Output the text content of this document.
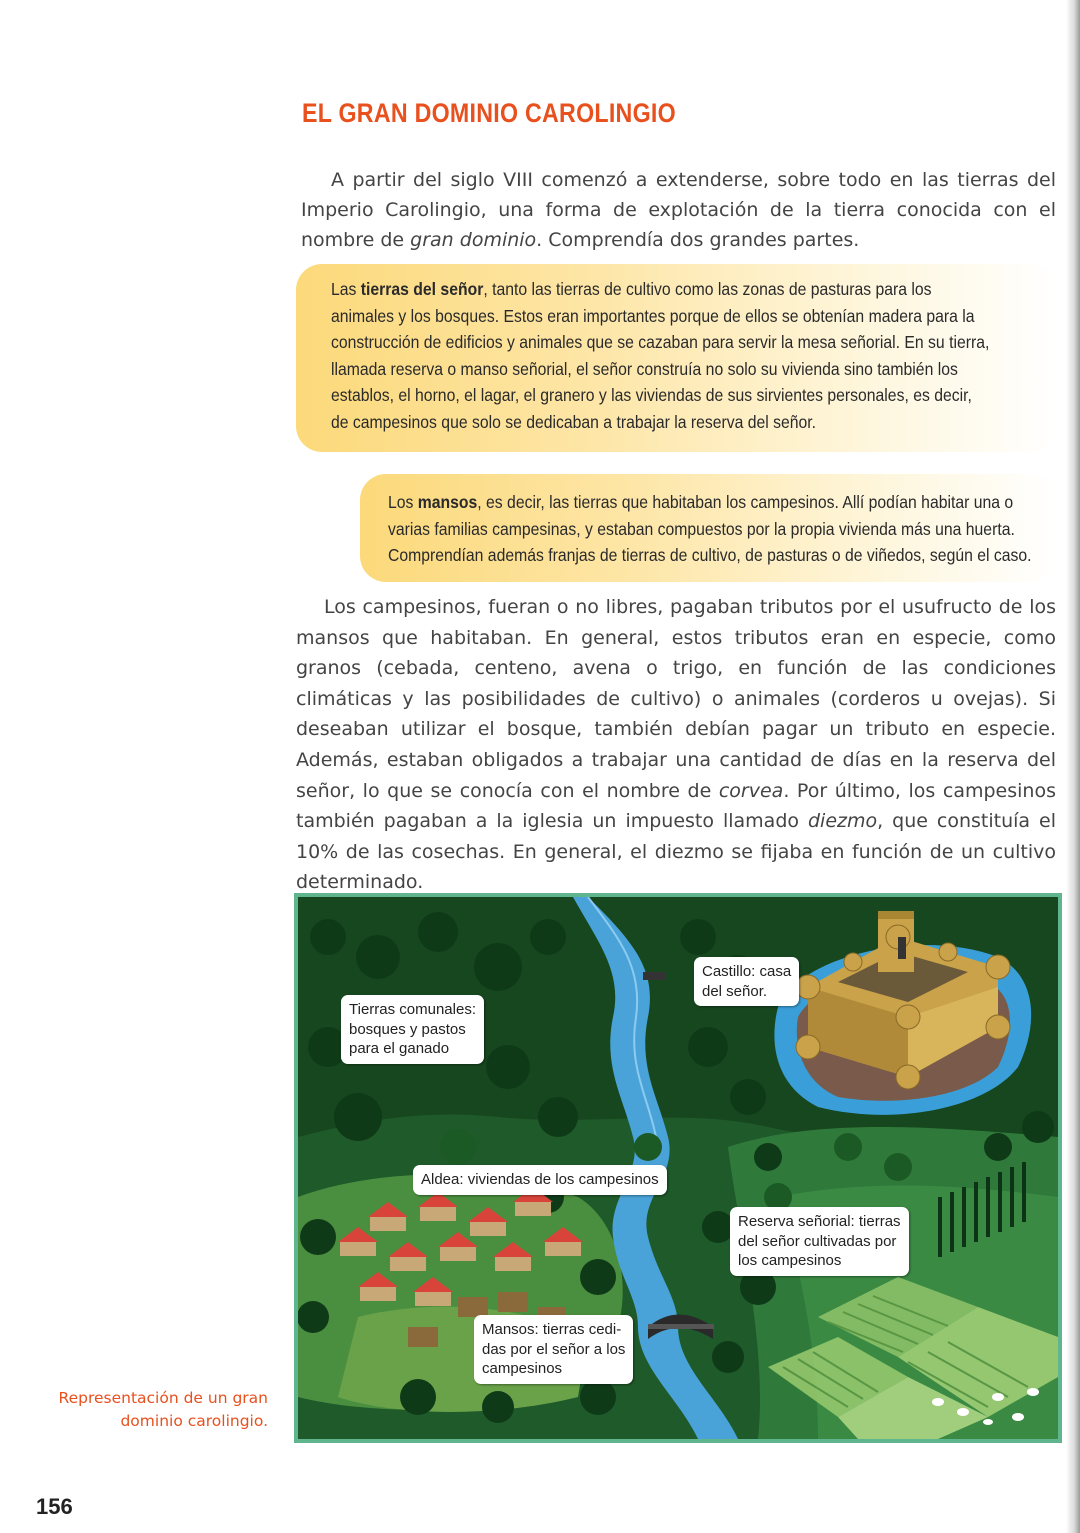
EL GRAN DOMINIO CAROLINGIO

A partir del siglo VIII comenzó a extenderse, sobre todo en las tierras del Imperio Carolingio, una forma de explotación de la tierra conocida con el nombre de gran dominio. Comprendía dos grandes partes.

Las tierras del señor, tanto las tierras de cultivo como las zonas de pasturas para los animales y los bosques. Estos eran importantes porque de ellos se obtenían madera para la construcción de edificios y animales que se cazaban para servir la mesa señorial. En su tierra, llamada reserva o manso señorial, el señor construía no solo su vivienda sino también los establos, el horno, el lagar, el granero y las viviendas de sus sirvientes personales, es decir, de campesinos que solo se dedicaban a trabajar la reserva del señor.

Los mansos, es decir, las tierras que habitaban los campesinos. Allí podían habitar una o varias familias campesinas, y estaban compuestos por la propia vivienda más una huerta. Comprendían además franjas de tierras de cultivo, de pasturas o de viñedos, según el caso.

Los campesinos, fueran o no libres, pagaban tributos por el usufructo de los mansos que habitaban. En general, estos tributos eran en especie, como granos (cebada, centeno, avena o trigo, en función de las condiciones climáticas y las posibilidades de cultivo) o animales (corderos u ovejas). Si deseaban utilizar el bosque, también debían pagar un tributo en especie. Además, estaban obligados a trabajar una cantidad de días en la reserva del señor, lo que se conocía con el nombre de corvea. Por último, los campesinos también pagaban a la iglesia un impuesto llamado diezmo, que constituía el 10% de las cosechas. En general, el diezmo se fijaba en función de un cultivo determinado.

Tierras comunales:
bosques y pastos
para el ganado
Castillo: casa
del señor.
Aldea: viviendas de los campesinos
Reserva señorial: tierras
del señor cultivadas por
los campesinos
Mansos: tierras cedi-
das por el señor a los
campesinos

Representación de un gran
dominio carolingio.

156
